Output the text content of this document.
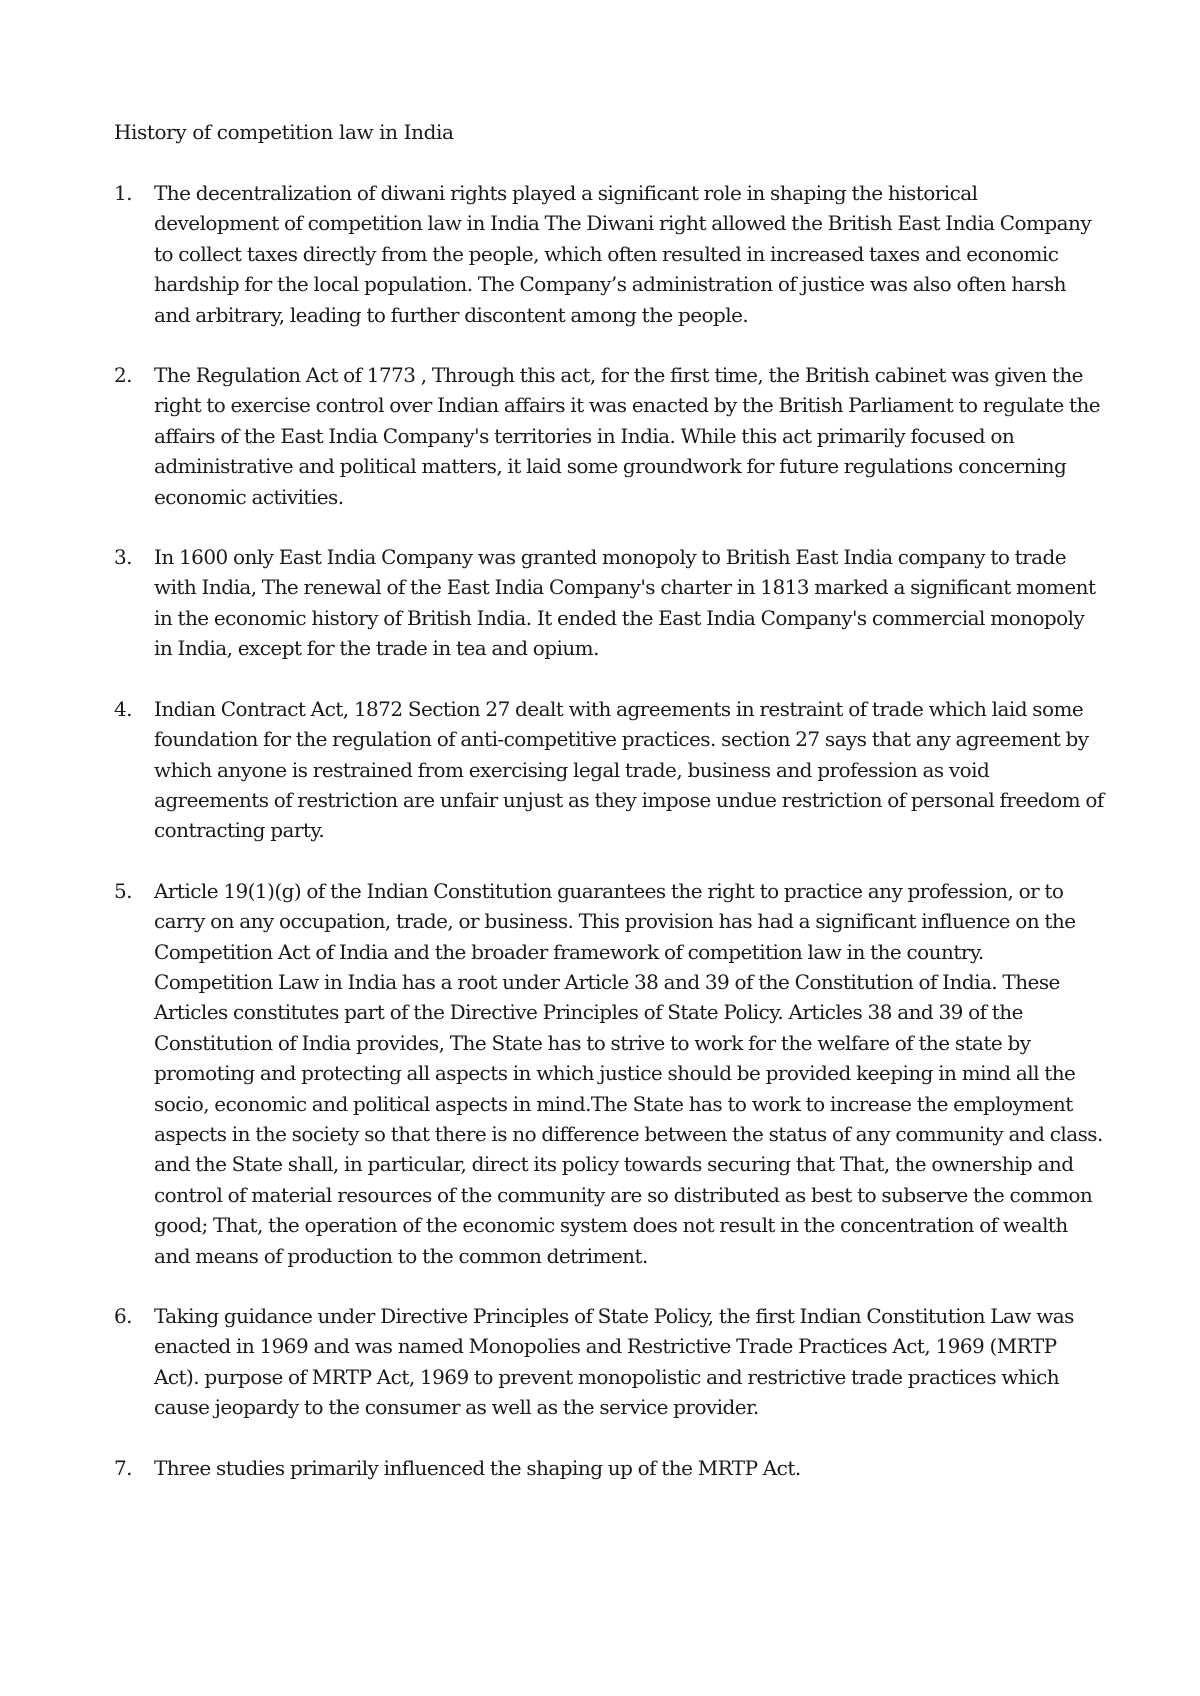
History of competition law in India
1.	The decentralization of diwani rights played a significant role in shaping the historical development of competition law in India The Diwani right allowed the British East India Company to collect taxes directly from the people, which often resulted in increased taxes and economic hardship for the local population. The Company’s administration of justice was also often harsh and arbitrary, leading to further discontent among the people.
2.	The Regulation Act of 1773 , Through this act, for the first time, the British cabinet was given the right to exercise control over Indian affairs it was enacted by the British Parliament to regulate the affairs of the East India Company's territories in India. While this act primarily focused on administrative and political matters, it laid some groundwork for future regulations concerning economic activities.
3.	In 1600 only East India Company was granted monopoly to British East India company to trade with India, The renewal of the East India Company's charter in 1813 marked a significant moment in the economic history of British India. It ended the East India Company's commercial monopoly in India, except for the trade in tea and opium.
4.	Indian Contract Act, 1872 Section 27 dealt with agreements in restraint of trade which laid some foundation for the regulation of anti-competitive practices. section 27 says that any agreement by which anyone is restrained from exercising legal trade, business and profession as void agreements of restriction are unfair unjust as they impose undue restriction of personal freedom of contracting party.
5.	Article 19(1)(g) of the Indian Constitution guarantees the right to practice any profession, or to carry on any occupation, trade, or business. This provision has had a significant influence on the Competition Act of India and the broader framework of competition law in the country. Competition Law in India has a root under Article 38 and 39 of the Constitution of India. These Articles constitutes part of the Directive Principles of State Policy. Articles 38 and 39 of the Constitution of India provides, The State has to strive to work for the welfare of the state by promoting and protecting all aspects in which justice should be provided keeping in mind all the socio, economic and political aspects in mind.The State has to work to increase the employment aspects in the society so that there is no difference between the status of any community and class. and the State shall, in particular, direct its policy towards securing that That, the ownership and control of material resources of the community are so distributed as best to subserve the common good; That, the operation of the economic system does not result in the concentration of wealth and means of production to the common detriment.
6.	Taking guidance under Directive Principles of State Policy, the first Indian Constitution Law was enacted in 1969 and was named Monopolies and Restrictive Trade Practices Act, 1969 (MRTP Act). purpose of MRTP Act, 1969 to prevent monopolistic and restrictive trade practices which cause jeopardy to the consumer as well as the service provider.
7.	Three studies primarily influenced the shaping up of the MRTP Act.
